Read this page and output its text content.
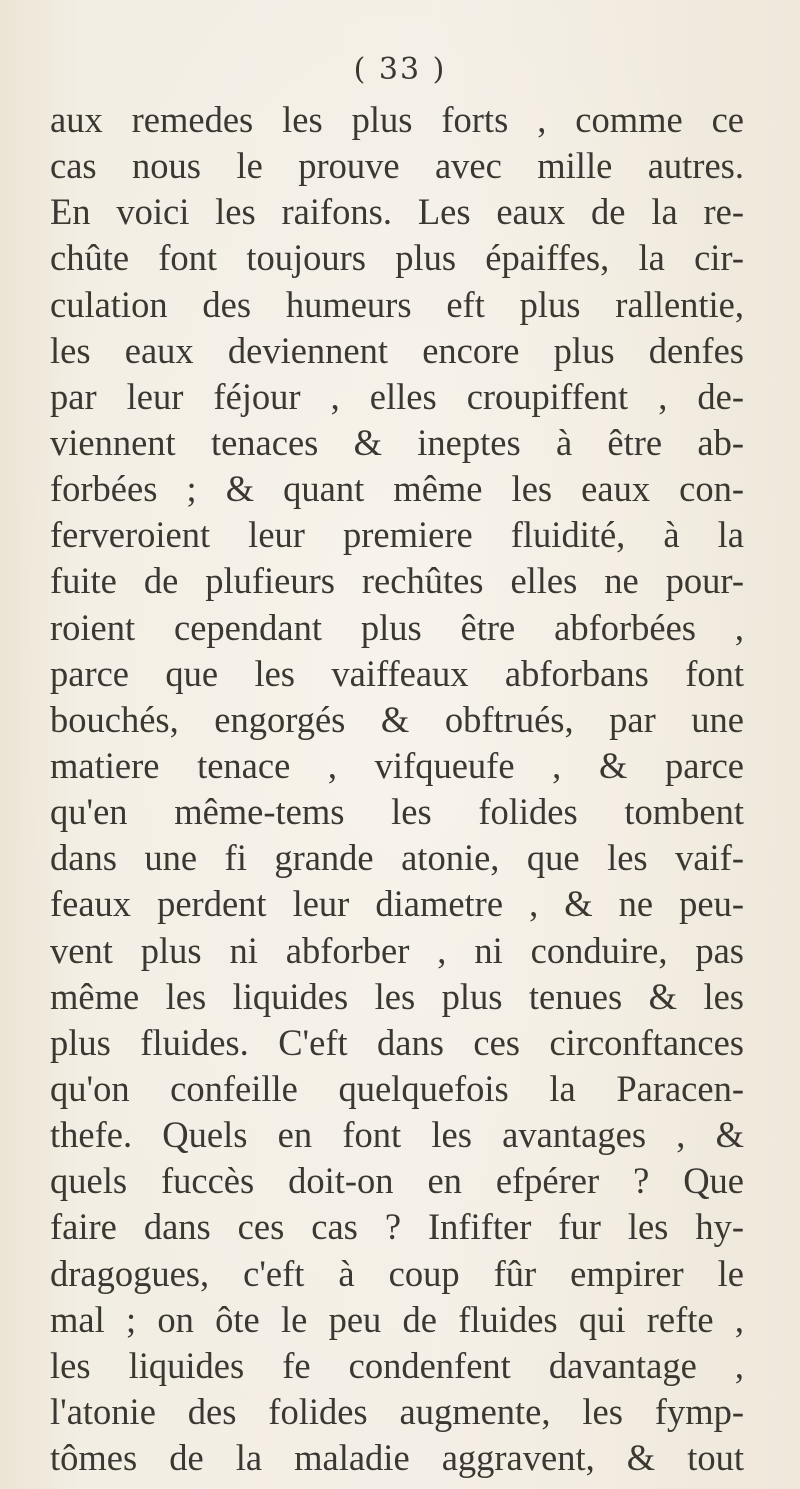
( 33 )
aux remedes les plus forts , comme ce
cas nous le prouve avec mille autres.
En voici les raifons. Les eaux de la re-
chûte font toujours plus épaiffes, la cir-
culation des humeurs eft plus rallentie,
les eaux deviennent encore plus denfes
par leur féjour , elles croupiffent , de-
viennent tenaces & ineptes à être ab-
forbées ; & quant même les eaux con-
ferveroient leur premiere fluidité, à la
fuite de plufieurs rechûtes elles ne pour-
roient cependant plus être abforbées ,
parce que les vaiffeaux abforbans font
bouchés, engorgés & obftrués, par une
matiere tenace , vifqueufe , & parce
qu'en même-tems les folides tombent
dans une fi grande atonie, que les vaif-
feaux perdent leur diametre , & ne peu-
vent plus ni abforber , ni conduire, pas
même les liquides les plus tenues & les
plus fluides. C'eft dans ces circonftances
qu'on confeille quelquefois la Paracen-
thefe. Quels en font les avantages , &
quels fuccès doit-on en efpérer ? Que
faire dans ces cas ? Infifter fur les hy-
dragogues, c'eft à coup fûr empirer le
mal ; on ôte le peu de fluides qui refte ,
les liquides fe condenfent davantage ,
l'atonie des folides augmente, les fymp-
tômes de la maladie aggravent, & tout
